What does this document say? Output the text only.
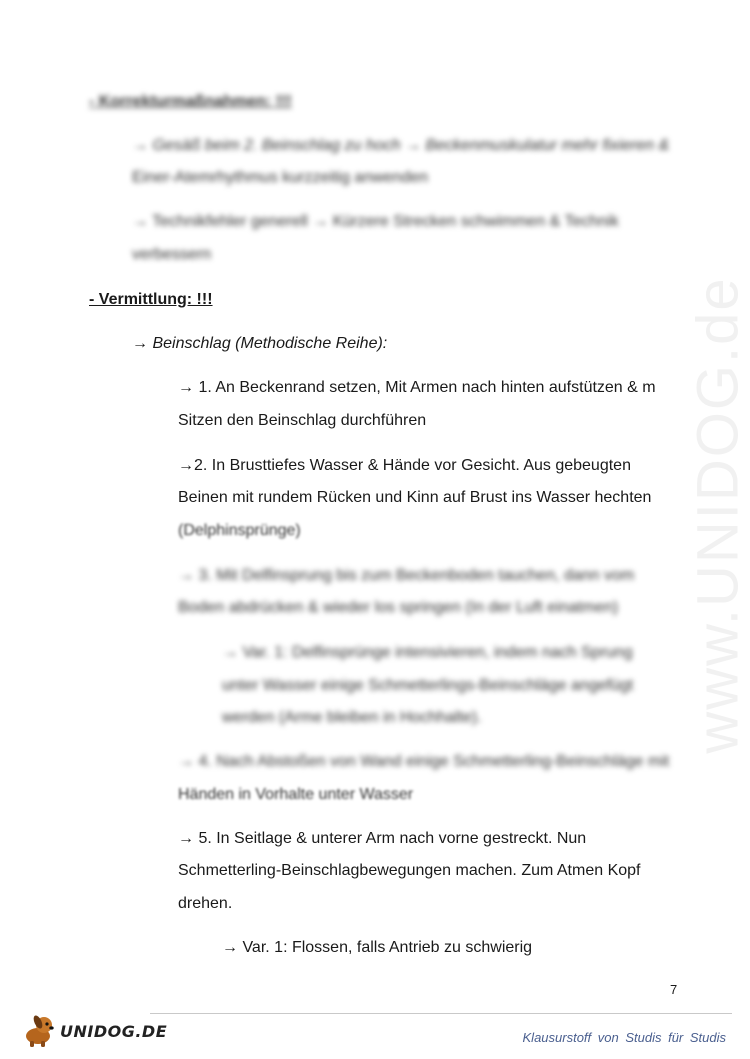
www.UNIDOG.de
- Korrekturmaßnahmen: !!!
→ Gesäß beim 2. Beinschlag zu hoch → Beckenmuskulatur mehr fixieren &
Einer-Atemrhythmus kurzzeitig anwenden
→ Technikfehler generell → Kürzere Strecken schwimmen & Technik
verbessern
- Vermittlung: !!!
→ Beinschlag (Methodische Reihe):
→ 1. An Beckenrand setzen, Mit Armen nach hinten aufstützen & m
Sitzen den Beinschlag durchführen
→2. In Brusttiefes Wasser & Hände vor Gesicht. Aus gebeugten
Beinen mit rundem Rücken und Kinn auf Brust ins Wasser hechten
(Delphinsprünge)
→ 3. Mit Delfinsprung bis zum Beckenboden tauchen, dann vom
Boden abdrücken & wieder los springen (In der Luft einatmen)
→ Var. 1: Delfinsprünge intensivieren, indem nach Sprung
unter Wasser einige Schmetterlings-Beinschläge angefügt
werden (Arme bleiben in Hochhalte).
→ 4. Nach Abstoßen von Wand einige Schmetterling-Beinschläge mit
Händen in Vorhalte unter Wasser
→ 5. In Seitlage & unterer Arm nach vorne gestreckt. Nun
Schmetterling-Beinschlagbewegungen machen. Zum Atmen Kopf
drehen.
→ Var. 1: Flossen, falls Antrieb zu schwierig
7
UNIDOG.DE	Klausurstoff von Studis für Studis
